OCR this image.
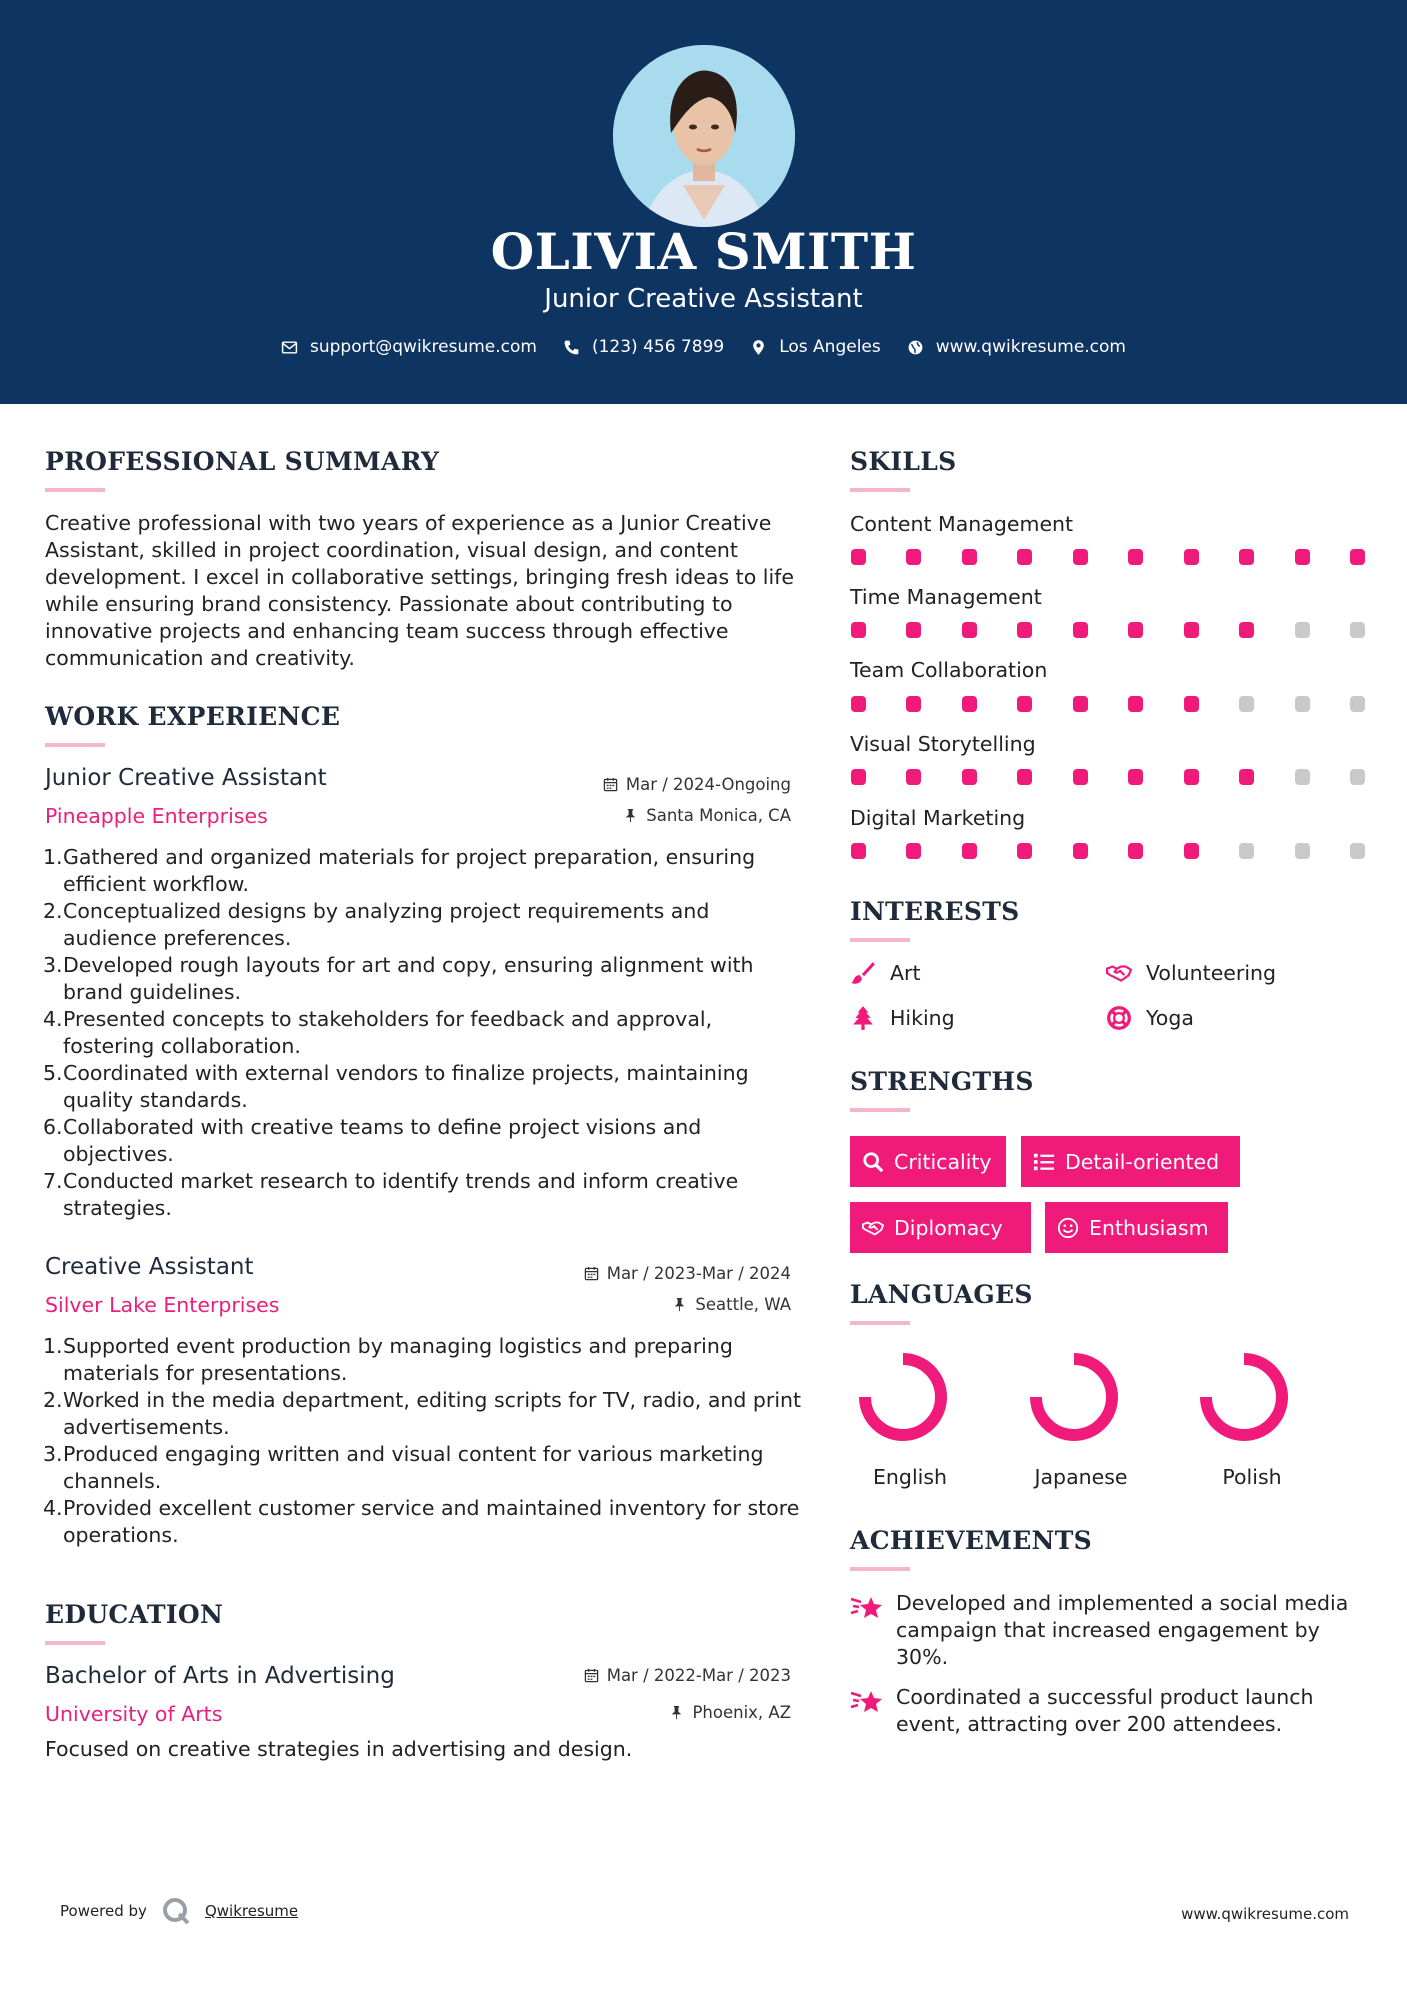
OLIVIA SMITH
Junior Creative Assistant
support@qwikresume.com	(123) 456 7899	Los Angeles	www.qwikresume.com
PROFESSIONAL SUMMARY
Creative professional with two years of experience as a Junior Creative Assistant, skilled in project coordination, visual design, and content development. I excel in collaborative settings, bringing fresh ideas to life while ensuring brand consistency. Passionate about contributing to innovative projects and enhancing team success through effective communication and creativity.
WORK EXPERIENCE
Junior Creative Assistant
Pineapple Enterprises
Mar / 2024-Ongoing
Santa Monica, CA
1. Gathered and organized materials for project preparation, ensuring efficient workflow.
2. Conceptualized designs by analyzing project requirements and audience preferences.
3. Developed rough layouts for art and copy, ensuring alignment with brand guidelines.
4. Presented concepts to stakeholders for feedback and approval, fostering collaboration.
5. Coordinated with external vendors to finalize projects, maintaining quality standards.
6. Collaborated with creative teams to define project visions and objectives.
7. Conducted market research to identify trends and inform creative strategies.
Creative Assistant
Silver Lake Enterprises
Mar / 2023-Mar / 2024
Seattle, WA
1. Supported event production by managing logistics and preparing materials for presentations.
2. Worked in the media department, editing scripts for TV, radio, and print advertisements.
3. Produced engaging written and visual content for various marketing channels.
4. Provided excellent customer service and maintained inventory for store operations.
EDUCATION
Bachelor of Arts in Advertising
University of Arts
Mar / 2022-Mar / 2023
Phoenix, AZ
Focused on creative strategies in advertising and design.
SKILLS
Content Management
Time Management
Team Collaboration
Visual Storytelling
Digital Marketing
INTERESTS
Art	Volunteering
Hiking	Yoga
STRENGTHS
Criticality	Detail-oriented
Diplomacy	Enthusiasm
LANGUAGES
English	Japanese	Polish
ACHIEVEMENTS
Developed and implemented a social media campaign that increased engagement by 30%.
Coordinated a successful product launch event, attracting over 200 attendees.
Powered by	Qwikresume	www.qwikresume.com
